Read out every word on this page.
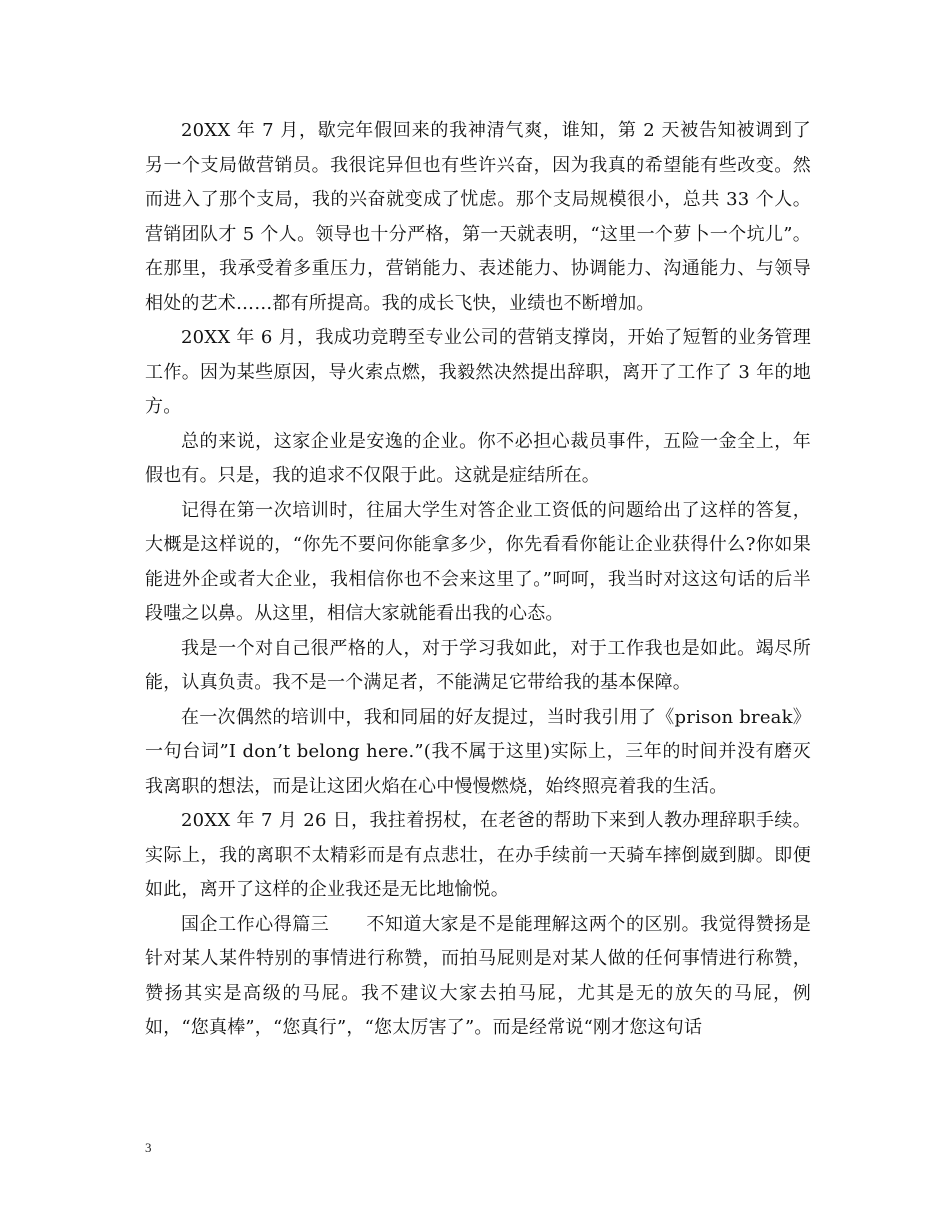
20XX 年 7 月，歇完年假回来的我神清气爽，谁知，第 2 天被告知被调到了另一个支局做营销员。我很诧异但也有些许兴奋，因为我真的希望能有些改变。然而进入了那个支局，我的兴奋就变成了忧虑。那个支局规模很小，总共 33 个人。营销团队才 5 个人。领导也十分严格，第一天就表明，“这里一个萝卜一个坑儿”。在那里，我承受着多重压力，营销能力、表述能力、协调能力、沟通能力、与领导相处的艺术……都有所提高。我的成长飞快，业绩也不断增加。

20XX 年 6 月，我成功竞聘至专业公司的营销支撑岗，开始了短暂的业务管理工作。因为某些原因，导火索点燃，我毅然决然提出辞职，离开了工作了 3 年的地方。

总的来说，这家企业是安逸的企业。你不必担心裁员事件，五险一金全上，年假也有。只是，我的追求不仅限于此。这就是症结所在。

记得在第一次培训时，往届大学生对答企业工资低的问题给出了这样的答复，大概是这样说的，“你先不要问你能拿多少，你先看看你能让企业获得什么?你如果能进外企或者大企业，我相信你也不会来这里了。”呵呵，我当时对这这句话的后半段嗤之以鼻。从这里，相信大家就能看出我的心态。

我是一个对自己很严格的人，对于学习我如此，对于工作我也是如此。竭尽所能，认真负责。我不是一个满足者，不能满足它带给我的基本保障。

在一次偶然的培训中，我和同届的好友提过，当时我引用了《prison break》一句台词”I don’t belong here.”(我不属于这里)实际上，三年的时间并没有磨灭我离职的想法，而是让这团火焰在心中慢慢燃烧，始终照亮着我的生活。

20XX 年 7 月 26 日，我拄着拐杖，在老爸的帮助下来到人教办理辞职手续。实际上，我的离职不太精彩而是有点悲壮，在办手续前一天骑车摔倒崴到脚。即便如此，离开了这样的企业我还是无比地愉悦。

国企工作心得篇三　　不知道大家是不是能理解这两个的区别。我觉得赞扬是针对某人某件特别的事情进行称赞，而拍马屁则是对某人做的任何事情进行称赞，赞扬其实是高级的马屁。我不建议大家去拍马屁，尤其是无的放矢的马屁，例如，“您真棒”，“您真行”，“您太厉害了”。而是经常说“刚才您这句话

3
